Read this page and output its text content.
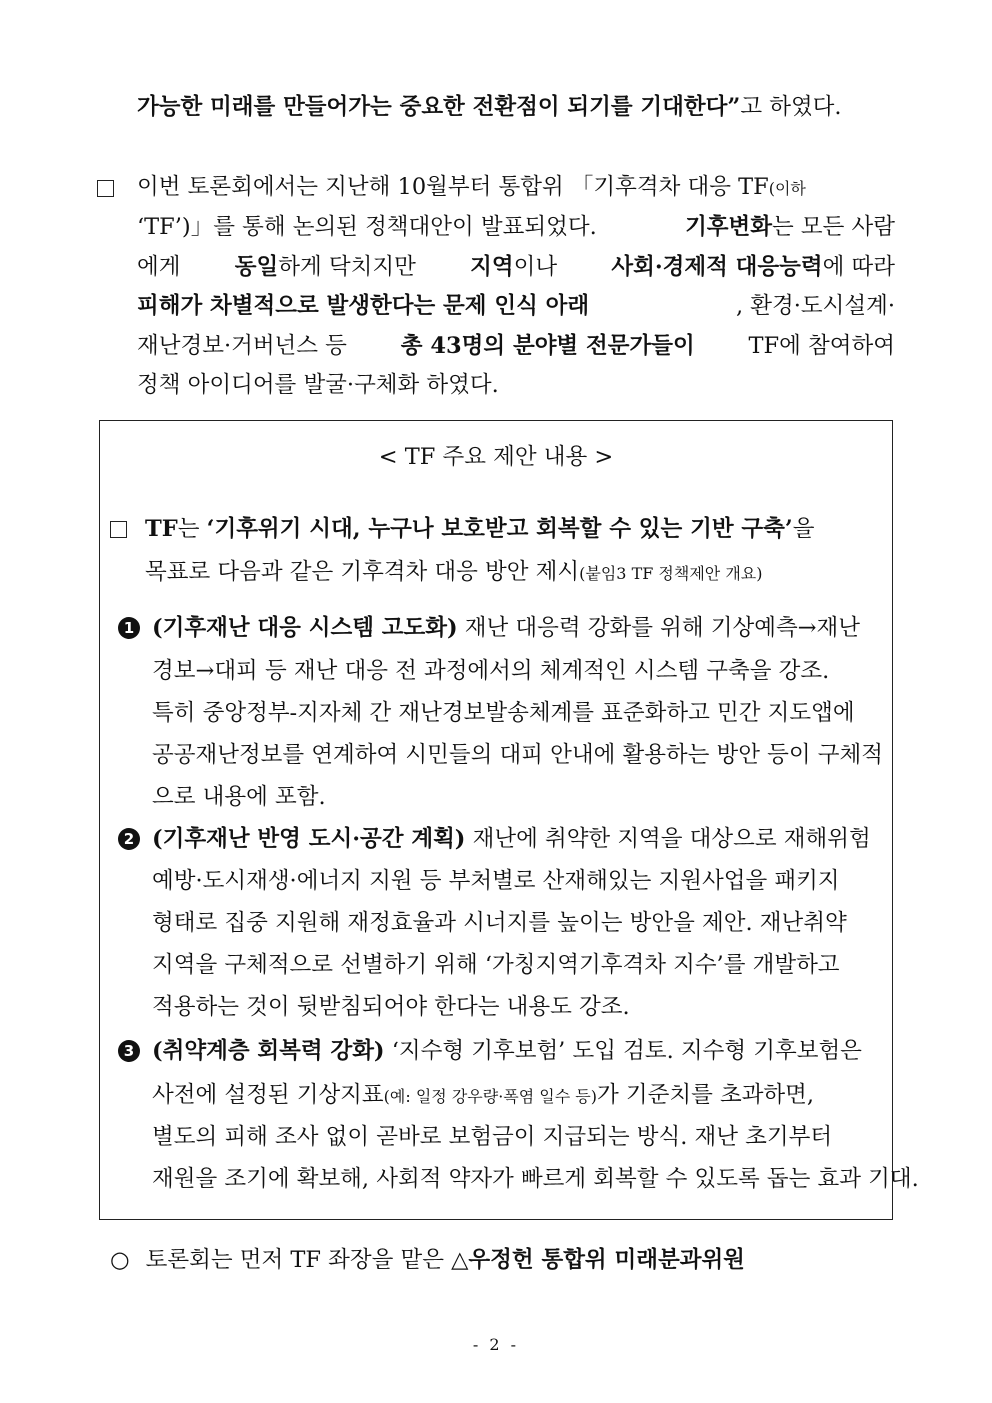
가능한 미래를 만들어가는 중요한 전환점이 되기를 기대한다”고 하였다.
이번 토론회에서는 지난해 10월부터 통합위 「기후격차 대응 TF(이하
‘TF’)」를 통해 논의된 정책대안이 발표되었다.	기후변화는 모든 사람
에게 동일하게 닥치지만 지역이나 사회·경제적 대응능력에 따라
피해가 차별적으로 발생한다는 문제 인식 아래	, 환경·도시설계·
재난경보·거버넌스 등 총 43명의 분야별 전문가들이 TF에 참여하여
정책 아이디어를 발굴·구체화 하였다.
< TF 주요 제안 내용 >
TF는 ‘기후위기 시대, 누구나 보호받고 회복할 수 있는 기반 구축’을
목표로 다음과 같은 기후격차 대응 방안 제시(붙임3 TF 정책제안 개요)
1 (기후재난 대응 시스템 고도화) 재난 대응력 강화를 위해 기상예측→재난
경보→대피 등 재난 대응 전 과정에서의 체계적인 시스템 구축을 강조.
특히 중앙정부-지자체 간 재난경보발송체계를 표준화하고 민간 지도앱에
공공재난정보를 연계하여 시민들의 대피 안내에 활용하는 방안 등이 구체적
으로 내용에 포함.
2 (기후재난 반영 도시·공간 계획) 재난에 취약한 지역을 대상으로 재해위험
예방·도시재생·에너지 지원 등 부처별로 산재해있는 지원사업을 패키지
형태로 집중 지원해 재정효율과 시너지를 높이는 방안을 제안. 재난취약
지역을 구체적으로 선별하기 위해 ‘가칭지역기후격차 지수’를 개발하고
적용하는 것이 뒷받침되어야 한다는 내용도 강조.
3 (취약계층 회복력 강화) ‘지수형 기후보험’ 도입 검토. 지수형 기후보험은
사전에 설정된 기상지표(예: 일정 강우량·폭염 일수 등)가 기준치를 초과하면,
별도의 피해 조사 없이 곧바로 보험금이 지급되는 방식. 재난 초기부터
재원을 조기에 확보해, 사회적 약자가 빠르게 회복할 수 있도록 돕는 효과 기대.
○ 토론회는 먼저 TF 좌장을 맡은 △우정헌 통합위 미래분과위원
- 2 -
